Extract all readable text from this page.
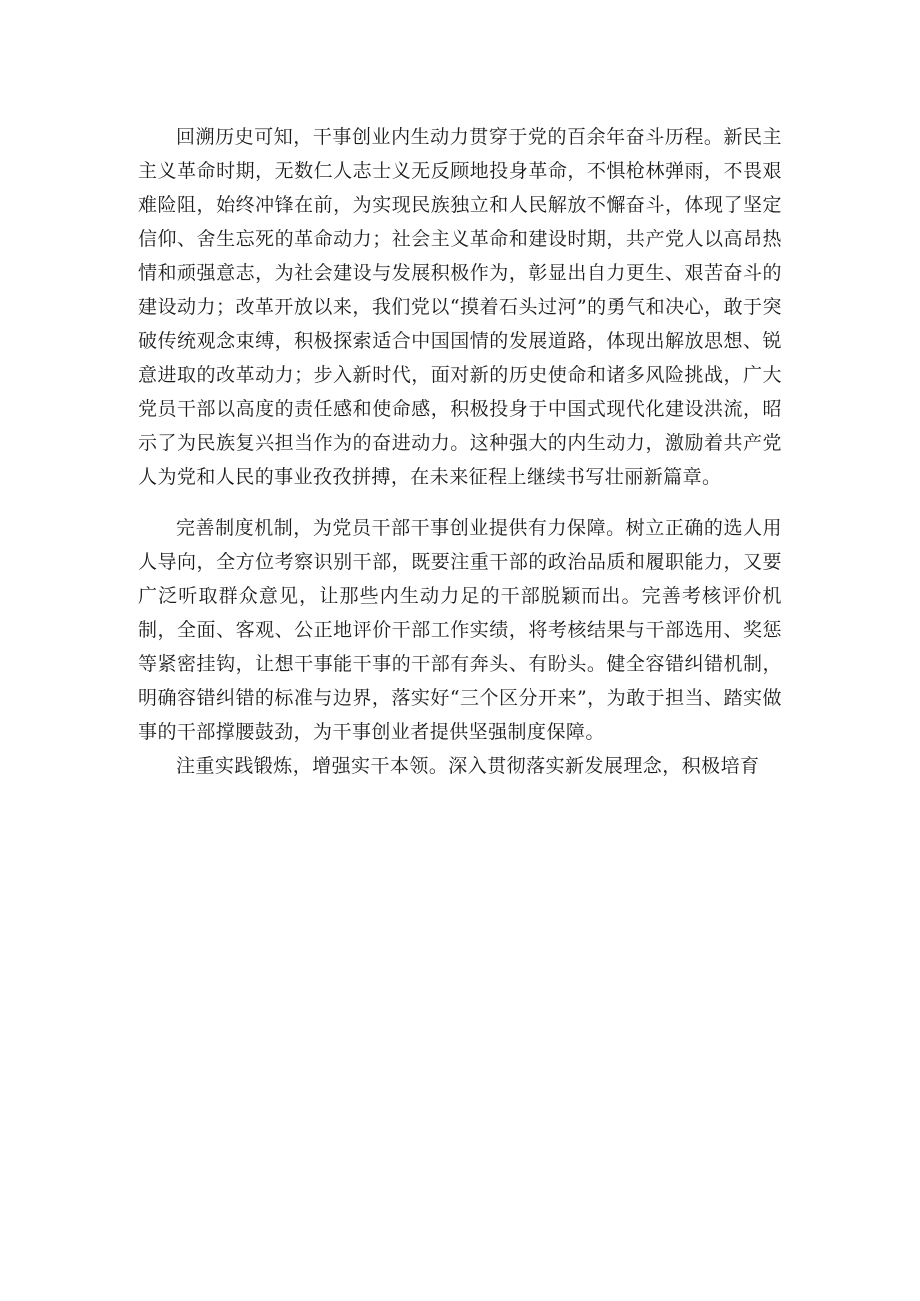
回溯历史可知，干事创业内生动力贯穿于党的百余年奋斗历程。新民主主义革命时期，无数仁人志士义无反顾地投身革命，不惧枪林弹雨，不畏艰难险阻，始终冲锋在前，为实现民族独立和人民解放不懈奋斗，体现了坚定信仰、舍生忘死的革命动力；社会主义革命和建设时期，共产党人以高昂热情和顽强意志，为社会建设与发展积极作为，彰显出自力更生、艰苦奋斗的建设动力；改革开放以来，我们党以“摸着石头过河”的勇气和决心，敢于突破传统观念束缚，积极探索适合中国国情的发展道路，体现出解放思想、锐意进取的改革动力；步入新时代，面对新的历史使命和诸多风险挑战，广大党员干部以高度的责任感和使命感，积极投身于中国式现代化建设洪流，昭示了为民族复兴担当作为的奋进动力。这种强大的内生动力，激励着共产党人为党和人民的事业孜孜拼搏，在未来征程上继续书写壮丽新篇章。

完善制度机制，为党员干部干事创业提供有力保障。树立正确的选人用人导向，全方位考察识别干部，既要注重干部的政治品质和履职能力，又要广泛听取群众意见，让那些内生动力足的干部脱颖而出。完善考核评价机制，全面、客观、公正地评价干部工作实绩，将考核结果与干部选用、奖惩等紧密挂钩，让想干事能干事的干部有奔头、有盼头。健全容错纠错机制，明确容错纠错的标准与边界，落实好“三个区分开来”，为敢于担当、踏实做事的干部撑腰鼓劲，为干事创业者提供坚强制度保障。

注重实践锻炼，增强实干本领。深入贯彻落实新发展理念，积极培育
